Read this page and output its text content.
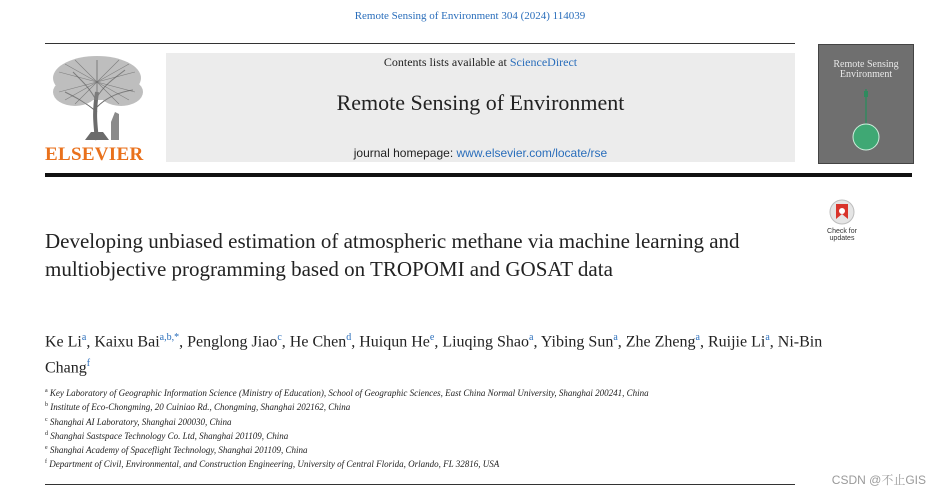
Remote Sensing of Environment 304 (2024) 114039
ELSEVIER
Contents lists available at ScienceDirect
Remote Sensing of Environment
journal homepage: www.elsevier.com/locate/rse
Remote Sensing
Environment
Check for
updates
Developing unbiased estimation of atmospheric methane via machine learning and multiobjective programming based on TROPOMI and GOSAT data
Ke Li$^a$, Kaixu Bai$^{a,b,*}$, Penglong Jiao$^c$, He Chen$^d$, Huiqun He$^e$, Liuqing Shao$^a$, Yibing Sun$^a$, Zhe Zheng$^a$, Ruijie Li$^a$, Ni-Bin Chang$^f$
$^a$ Key Laboratory of Geographic Information Science (Ministry of Education), School of Geographic Sciences, East China Normal University, Shanghai 200241, China
$^b$ Institute of Eco-Chongming, 20 Cuiniao Rd., Chongming, Shanghai 202162, China
$^c$ Shanghai AI Laboratory, Shanghai 200030, China
$^d$ Shanghai Sastspace Technology Co. Ltd, Shanghai 201109, China
$^e$ Shanghai Academy of Spaceflight Technology, Shanghai 201109, China
$^f$ Department of Civil, Environmental, and Construction Engineering, University of Central Florida, Orlando, FL 32816, USA
CSDN @不止GIS
